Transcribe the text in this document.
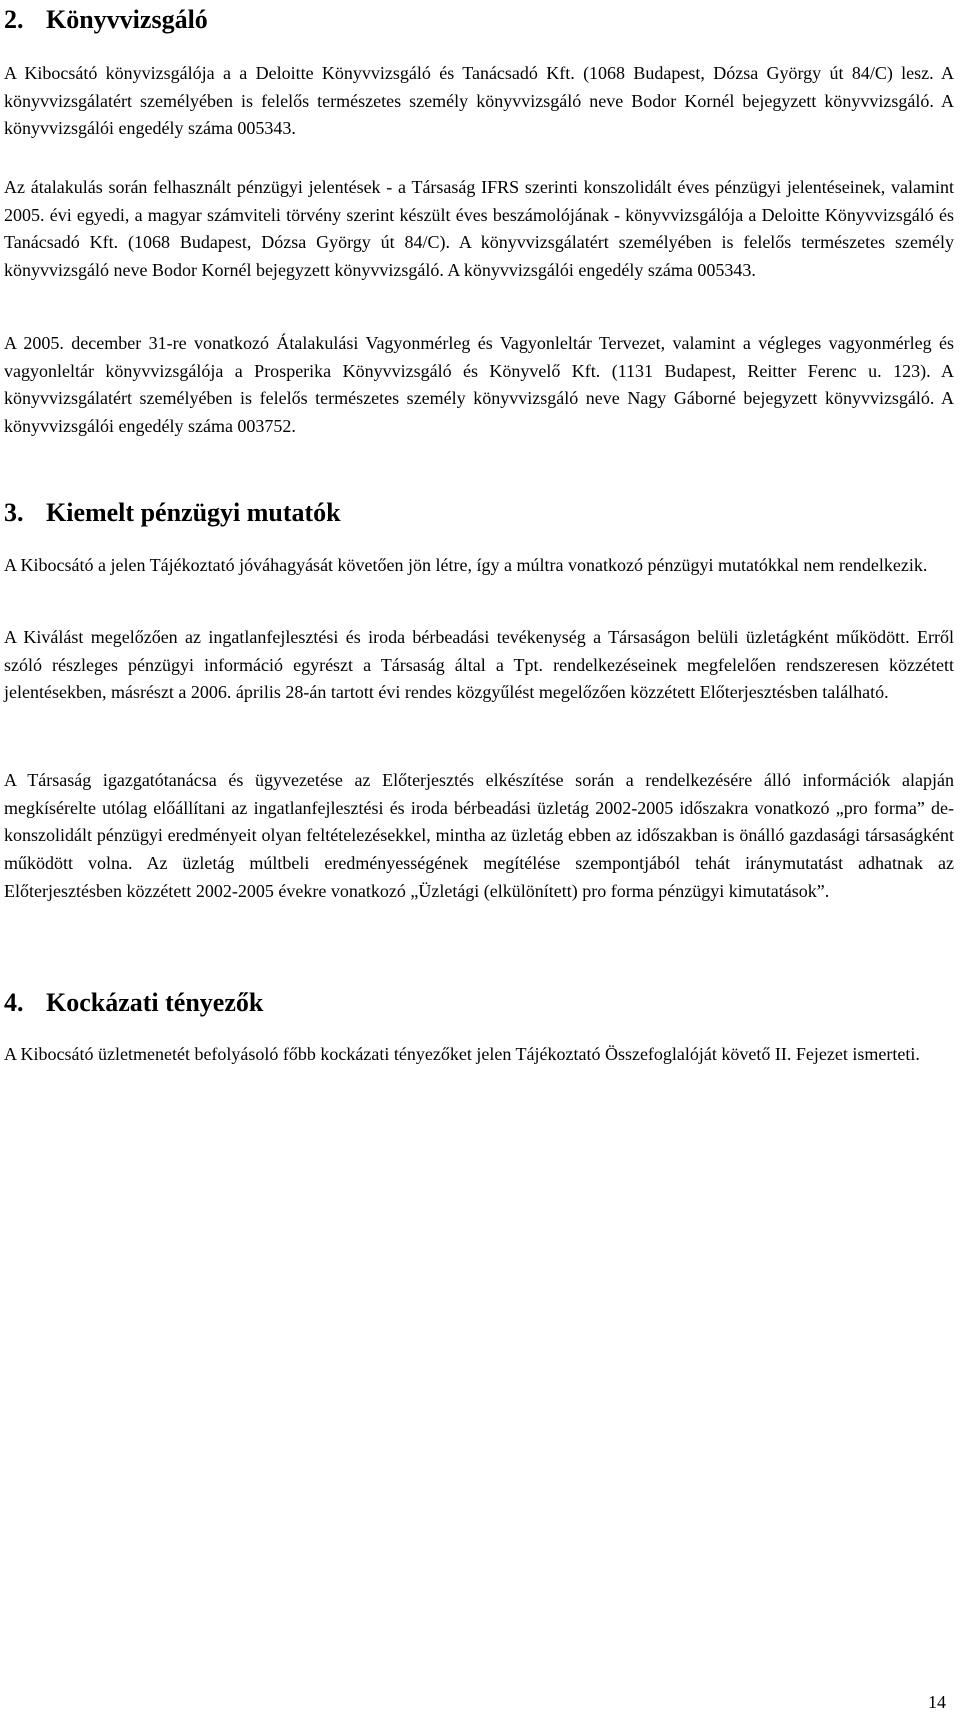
2. Könyvvizsgáló

A Kibocsátó könyvizsgálója a a Deloitte Könyvvizsgáló és Tanácsadó Kft. (1068 Budapest, Dózsa György út 84/C) lesz. A könyvvizsgálatért személyében is felelős természetes személy könyvvizsgáló neve Bodor Kornél bejegyzett könyvvizsgáló. A könyvvizsgálói engedély száma 005343.

Az átalakulás során felhasznált pénzügyi jelentések - a Társaság IFRS szerinti konszolidált éves pénzügyi jelentéseinek, valamint 2005. évi egyedi, a magyar számviteli törvény szerint készült éves beszámolójának - könyvvizsgálója a Deloitte Könyvvizsgáló és Tanácsadó Kft. (1068 Budapest, Dózsa György út 84/C). A könyvvizsgálatért személyében is felelős természetes személy könyvvizsgáló neve Bodor Kornél bejegyzett könyvvizsgáló. A könyvvizsgálói engedély száma 005343.

A 2005. december 31-re vonatkozó Átalakulási Vagyonmérleg és Vagyonleltár Tervezet, valamint a végleges vagyonmérleg és vagyonleltár könyvvizsgálója a Prosperika Könyvvizsgáló és Könyvelő Kft. (1131 Budapest, Reitter Ferenc u. 123). A könyvvizsgálatért személyében is felelős természetes személy könyvvizsgáló neve Nagy Gáborné bejegyzett könyvvizsgáló. A könyvvizsgálói engedély száma 003752.

3. Kiemelt pénzügyi mutatók

A Kibocsátó a jelen Tájékoztató jóváhagyását követően jön létre, így a múltra vonatkozó pénzügyi mutatókkal nem rendelkezik.

A Kiválást megelőzően az ingatlanfejlesztési és iroda bérbeadási tevékenység a Társaságon belüli üzletágként működött. Erről szóló részleges pénzügyi információ egyrészt a Társaság által a Tpt. rendelkezéseinek megfelelően rendszeresen közzétett jelentésekben, másrészt a 2006. április 28-án tartott évi rendes közgyűlést megelőzően közzétett Előterjesztésben található.

A Társaság igazgatótanácsa és ügyvezetése az Előterjesztés elkészítése során a rendelkezésére álló információk alapján megkísérelte utólag előállítani az ingatlanfejlesztési és iroda bérbeadási üzletág 2002-2005 időszakra vonatkozó „pro forma” de-konszolidált pénzügyi eredményeit olyan feltételezésekkel, mintha az üzletág ebben az időszakban is önálló gazdasági társaságként működött volna. Az üzletág múltbeli eredményességének megítélése szempontjából tehát iránymutatást adhatnak az Előterjesztésben közzétett 2002-2005 évekre vonatkozó „Üzletági (elkülönített) pro forma pénzügyi kimutatások”.

4. Kockázati tényezők

A Kibocsátó üzletmenetét befolyásoló főbb kockázati tényezőket jelen Tájékoztató Összefoglalóját követő II. Fejezet ismerteti.

14
